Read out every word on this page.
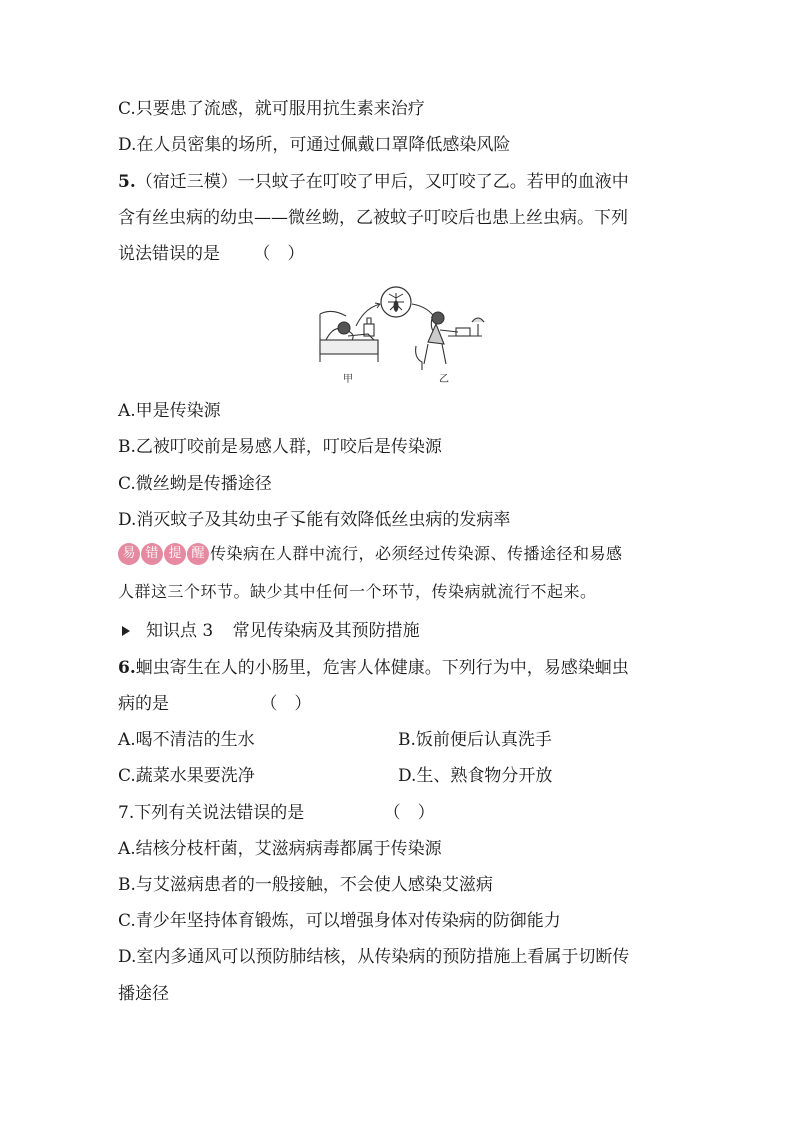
C.只要患了流感，就可服用抗生素来治疗
D.在人员密集的场所，可通过佩戴口罩降低感染风险
5.（宿迁三模）一只蚊子在叮咬了甲后，又叮咬了乙。若甲的血液中
含有丝虫病的幼虫——微丝蚴，乙被蚊子叮咬后也患上丝虫病。下列
说法错误的是 （　）
甲	乙
A.甲是传染源
B.乙被叮咬前是易感人群，叮咬后是传染源
C.微丝蚴是传播途径
D.消灭蚊子及其幼虫孑孓能有效降低丝虫病的发病率
易 错 提 醒 传染病在人群中流行，必须经过传染源、传播途径和易感
人群这三个环节。缺少其中任何一个环节，传染病就流行不起来。
知识点 3 常见传染病及其预防措施
6.蛔虫寄生在人的小肠里，危害人体健康。下列行为中，易感染蛔虫
病的是	（　）
A.喝不清洁的生水	B.饭前便后认真洗手
C.蔬菜水果要洗净	D.生、熟食物分开放
7.下列有关说法错误的是	（　）
A.结核分枝杆菌，艾滋病病毒都属于传染源
B.与艾滋病患者的一般接触，不会使人感染艾滋病
C.青少年坚持体育锻炼，可以增强身体对传染病的防御能力
D.室内多通风可以预防肺结核，从传染病的预防措施上看属于切断传
播途径
